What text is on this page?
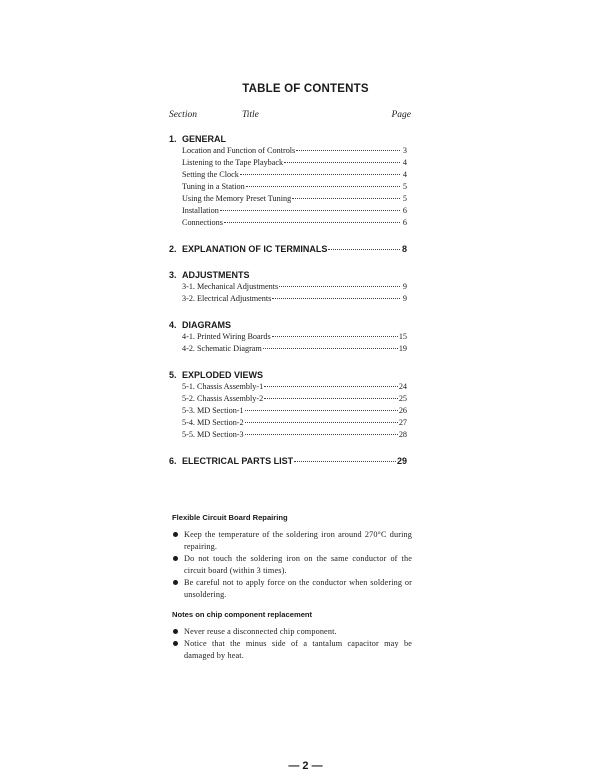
TABLE OF CONTENTS
Section	Title	Page
1. GENERAL
Location and Function of Controls	3
Listening to the Tape Playback	4
Setting the Clock	4
Tuning in a Station	5
Using the Memory Preset Tuning	5
Installation	6
Connections	6
2. EXPLANATION OF IC TERMINALS	8
3. ADJUSTMENTS
3-1. Mechanical Adjustments	9
3-2. Electrical Adjustments	9
4. DIAGRAMS
4-1. Printed Wiring Boards	15
4-2. Schematic Diagram	19
5. EXPLODED VIEWS
5-1. Chassis Assembly-1	24
5-2. Chassis Assembly-2	25
5-3. MD Section-1	26
5-4. MD Section-2	27
5-5. MD Section-3	28
6. ELECTRICAL PARTS LIST	29
Flexible Circuit Board Repairing
Keep the temperature of the soldering iron around 270°C during repairing.
Do not touch the soldering iron on the same conductor of the circuit board (within 3 times).
Be careful not to apply force on the conductor when soldering or unsoldering.
Notes on chip component replacement
Never reuse a disconnected chip component.
Notice that the minus side of a tantalum capacitor may be damaged by heat.
— 2 —
